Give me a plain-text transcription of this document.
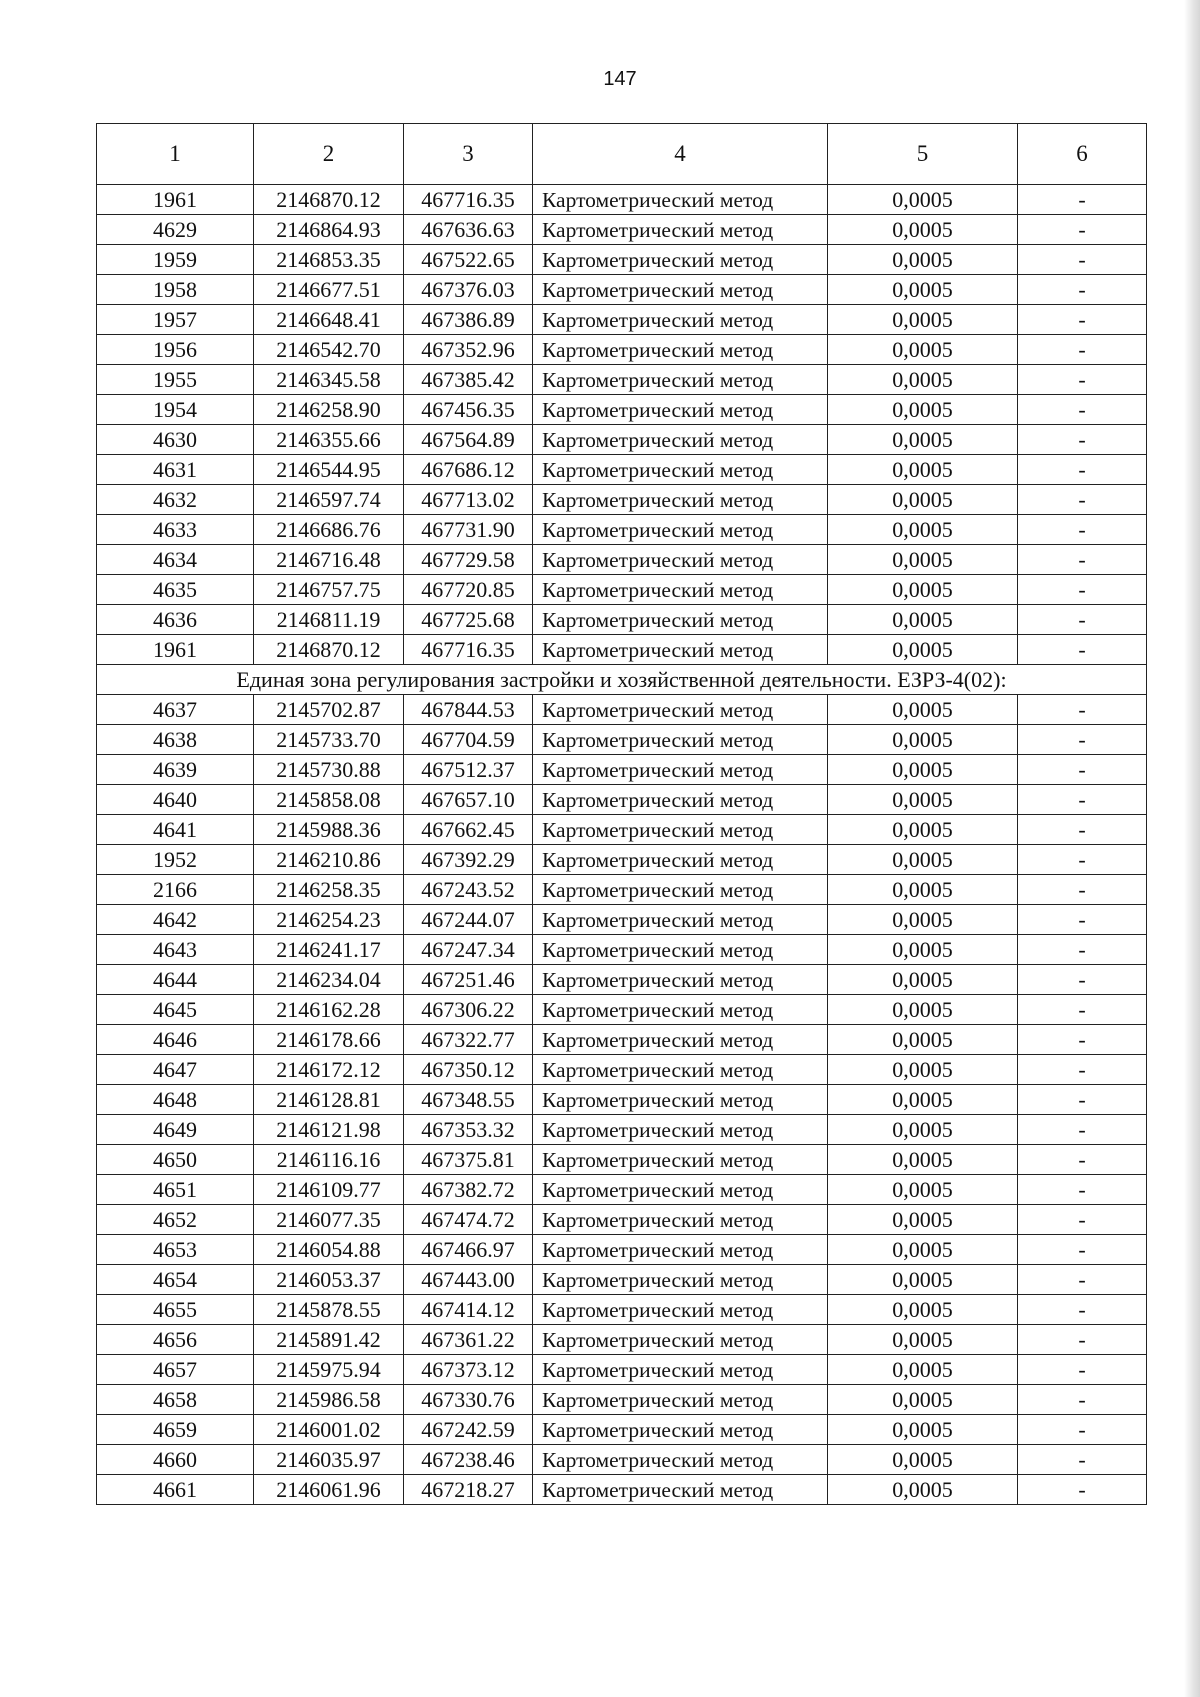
147
1	2	3	4	5	6
1961	2146870.12	467716.35	Картометрический метод	0,0005	-
4629	2146864.93	467636.63	Картометрический метод	0,0005	-
1959	2146853.35	467522.65	Картометрический метод	0,0005	-
1958	2146677.51	467376.03	Картометрический метод	0,0005	-
1957	2146648.41	467386.89	Картометрический метод	0,0005	-
1956	2146542.70	467352.96	Картометрический метод	0,0005	-
1955	2146345.58	467385.42	Картометрический метод	0,0005	-
1954	2146258.90	467456.35	Картометрический метод	0,0005	-
4630	2146355.66	467564.89	Картометрический метод	0,0005	-
4631	2146544.95	467686.12	Картометрический метод	0,0005	-
4632	2146597.74	467713.02	Картометрический метод	0,0005	-
4633	2146686.76	467731.90	Картометрический метод	0,0005	-
4634	2146716.48	467729.58	Картометрический метод	0,0005	-
4635	2146757.75	467720.85	Картометрический метод	0,0005	-
4636	2146811.19	467725.68	Картометрический метод	0,0005	-
1961	2146870.12	467716.35	Картометрический метод	0,0005	-
Единая зона регулирования застройки и хозяйственной деятельности. ЕЗРЗ-4(02):					
4637	2145702.87	467844.53	Картометрический метод	0,0005	-
4638	2145733.70	467704.59	Картометрический метод	0,0005	-
4639	2145730.88	467512.37	Картометрический метод	0,0005	-
4640	2145858.08	467657.10	Картометрический метод	0,0005	-
4641	2145988.36	467662.45	Картометрический метод	0,0005	-
1952	2146210.86	467392.29	Картометрический метод	0,0005	-
2166	2146258.35	467243.52	Картометрический метод	0,0005	-
4642	2146254.23	467244.07	Картометрический метод	0,0005	-
4643	2146241.17	467247.34	Картометрический метод	0,0005	-
4644	2146234.04	467251.46	Картометрический метод	0,0005	-
4645	2146162.28	467306.22	Картометрический метод	0,0005	-
4646	2146178.66	467322.77	Картометрический метод	0,0005	-
4647	2146172.12	467350.12	Картометрический метод	0,0005	-
4648	2146128.81	467348.55	Картометрический метод	0,0005	-
4649	2146121.98	467353.32	Картометрический метод	0,0005	-
4650	2146116.16	467375.81	Картометрический метод	0,0005	-
4651	2146109.77	467382.72	Картометрический метод	0,0005	-
4652	2146077.35	467474.72	Картометрический метод	0,0005	-
4653	2146054.88	467466.97	Картометрический метод	0,0005	-
4654	2146053.37	467443.00	Картометрический метод	0,0005	-
4655	2145878.55	467414.12	Картометрический метод	0,0005	-
4656	2145891.42	467361.22	Картометрический метод	0,0005	-
4657	2145975.94	467373.12	Картометрический метод	0,0005	-
4658	2145986.58	467330.76	Картометрический метод	0,0005	-
4659	2146001.02	467242.59	Картометрический метод	0,0005	-
4660	2146035.97	467238.46	Картометрический метод	0,0005	-
4661	2146061.96	467218.27	Картометрический метод	0,0005	-
